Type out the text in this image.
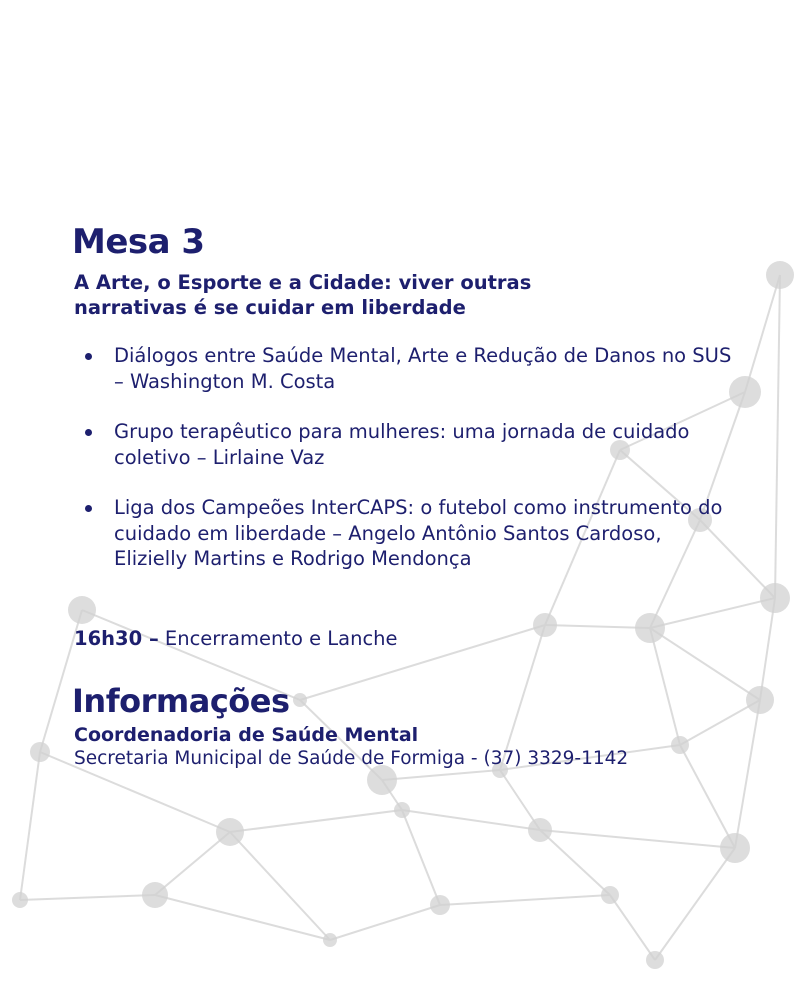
Mesa 3
A Arte, o Esporte e a Cidade: viver outras narrativas é se cuidar em liberdade
Diálogos entre Saúde Mental, Arte e Redução de Danos no SUS – Washington M. Costa
Grupo terapêutico para mulheres: uma jornada de cuidado coletivo – Lirlaine Vaz
Liga dos Campeões InterCAPS: o futebol como instrumento do cuidado em liberdade – Angelo Antônio Santos Cardoso, Elizielly Martins e Rodrigo Mendonça
16h30 – Encerramento e Lanche
Informações
Coordenadoria de Saúde Mental
Secretaria Municipal de Saúde de Formiga - (37) 3329-1142
